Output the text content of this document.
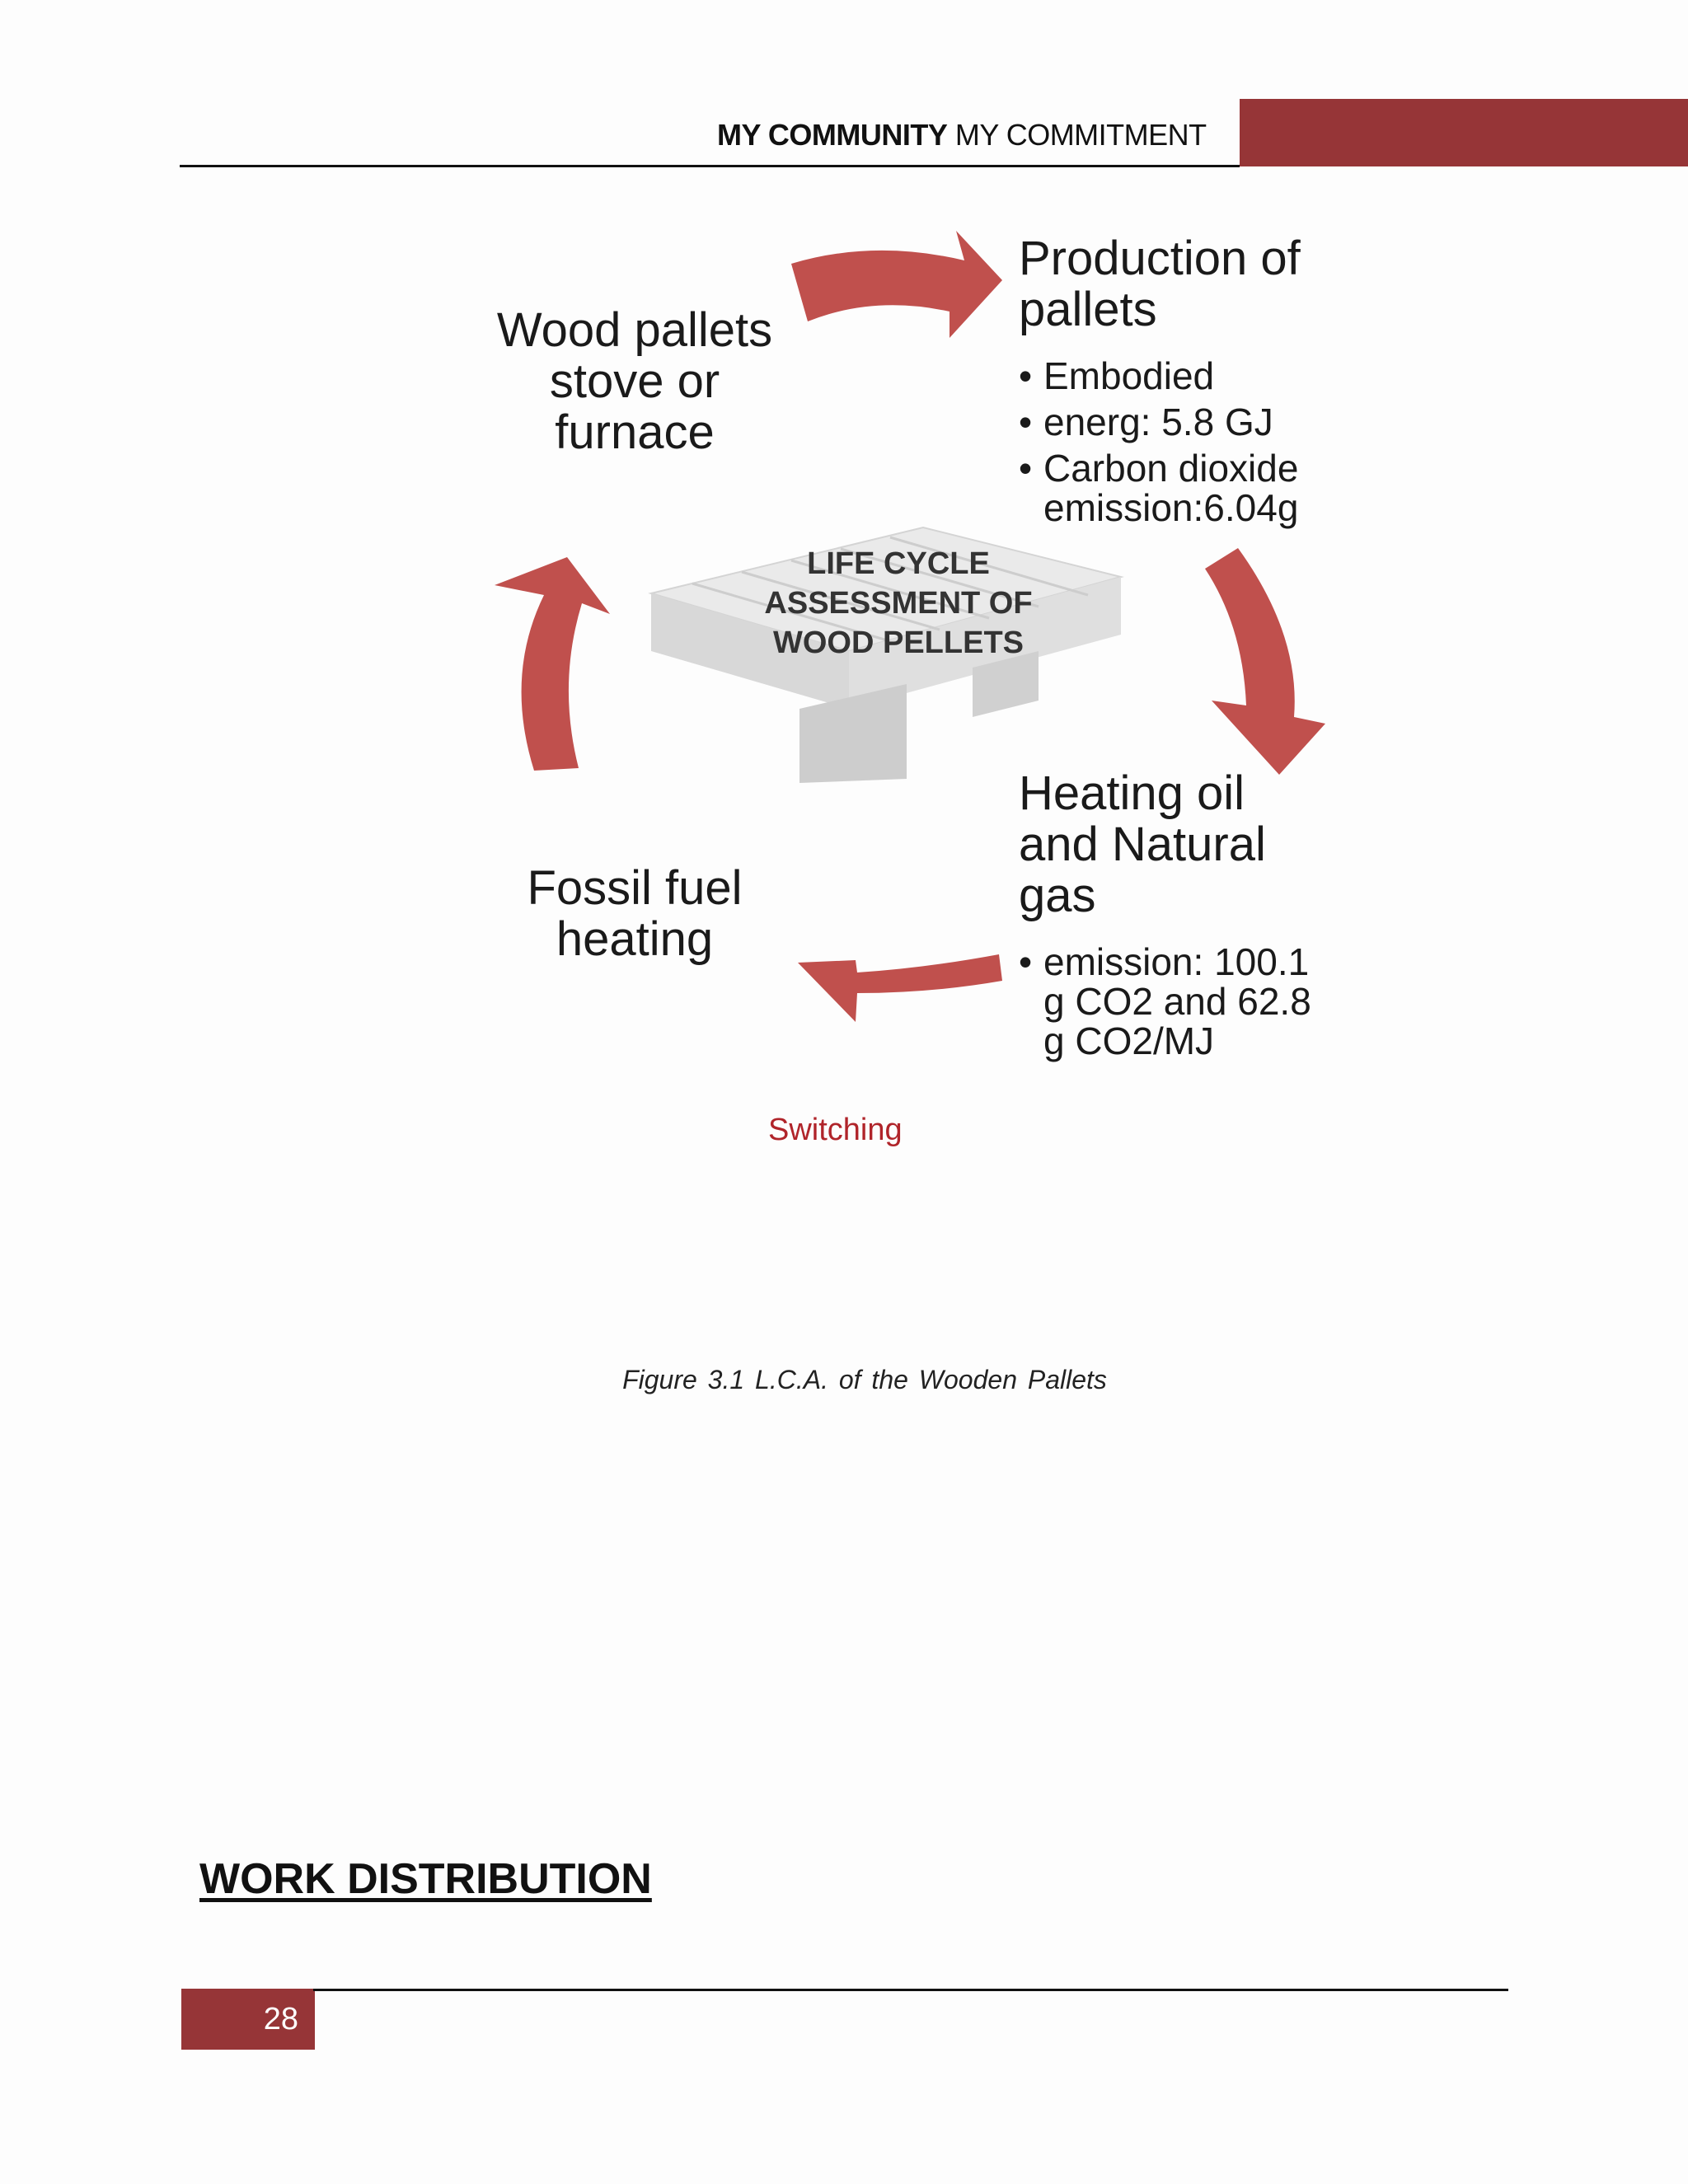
MY COMMUNITY MY COMMITMENT
Production of
pallets
• Embodied
• energ: 5.8 GJ
• Carbon dioxide emission:6.04g
Heating oil
and Natural
gas
• emission: 100.1 g CO2 and 62.8 g CO2/MJ
Fossil fuel
heating
Wood pallets
stove or
furnace
LIFE CYCLE
ASSESSMENT OF
WOOD PELLETS
Switching
Figure 3.1 L.C.A. of the Wooden Pallets
WORK DISTRIBUTION
28
